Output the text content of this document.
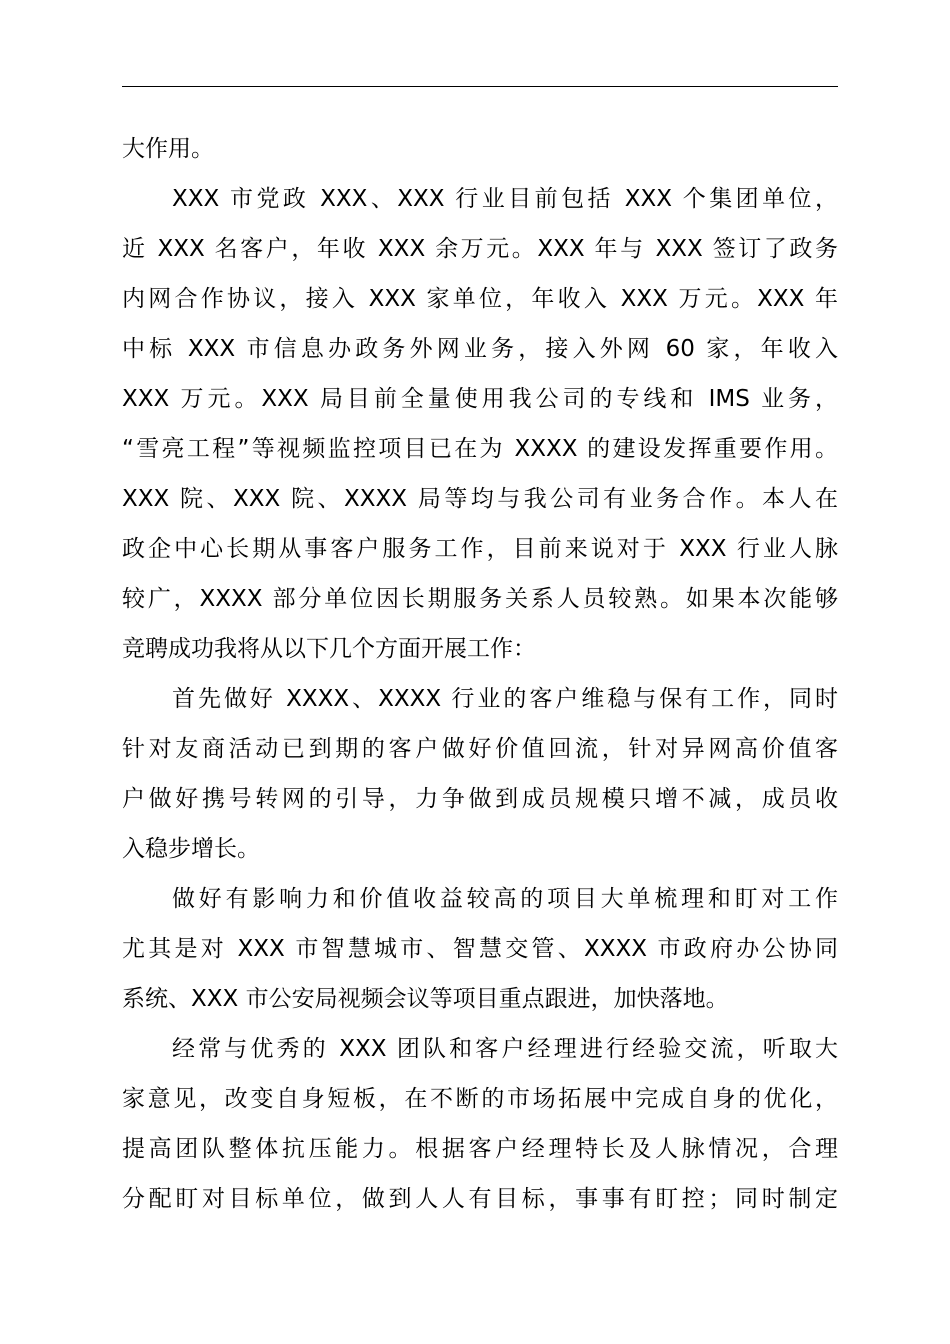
大作用。
XXX 市党政 XXX、XXX 行业目前包括 XXX 个集团单位，
近 XXX 名客户，年收 XXX 余万元。XXX 年与 XXX 签订了政务
内网合作协议，接入 XXX 家单位，年收入 XXX 万元。XXX 年
中标 XXX 市信息办政务外网业务，接入外网 60 家，年收入
XXX 万元。XXX 局目前全量使用我公司的专线和 IMS 业务，
“雪亮工程”等视频监控项目已在为 XXXX 的建设发挥重要作用。
XXX 院、XXX 院、XXXX 局等均与我公司有业务合作。本人在
政企中心长期从事客户服务工作，目前来说对于 XXX 行业人脉
较广，XXXX 部分单位因长期服务关系人员较熟。如果本次能够
竞聘成功我将从以下几个方面开展工作：
首先做好 XXXX、XXXX 行业的客户维稳与保有工作，同时
针对友商活动已到期的客户做好价值回流，针对异网高价值客
户做好携号转网的引导，力争做到成员规模只增不减，成员收
入稳步增长。
做好有影响力和价值收益较高的项目大单梳理和盯对工作
尤其是对 XXX 市智慧城市、智慧交管、XXXX 市政府办公协同
系统、XXX 市公安局视频会议等项目重点跟进，加快落地。
经常与优秀的 XXX 团队和客户经理进行经验交流，听取大
家意见，改变自身短板，在不断的市场拓展中完成自身的优化，
提高团队整体抗压能力。根据客户经理特长及人脉情况，合理
分配盯对目标单位，做到人人有目标，事事有盯控；同时制定
